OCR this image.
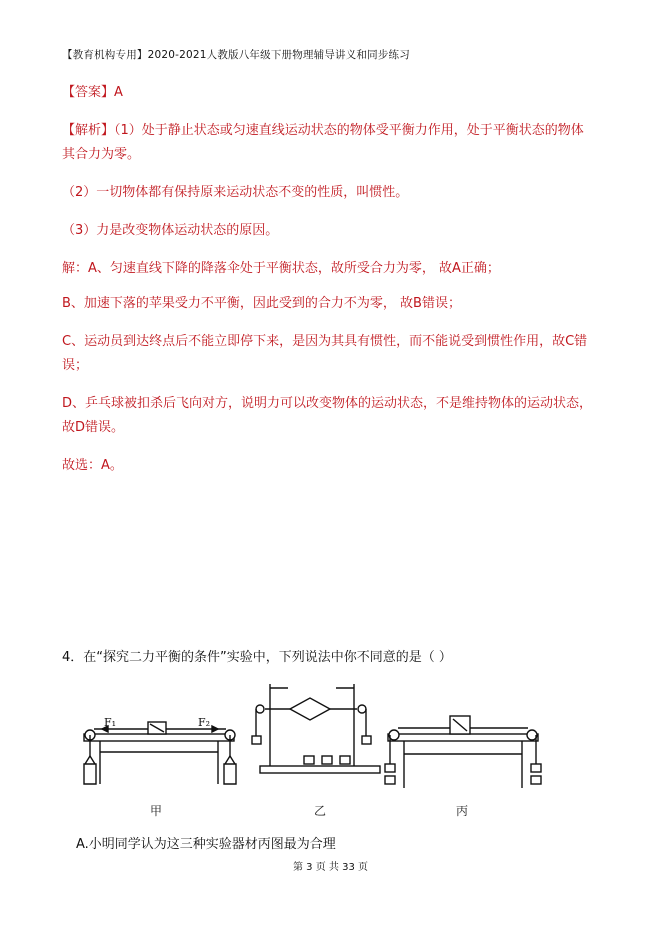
【教育机构专用】2020-2021人教版八年级下册物理辅导讲义和同步练习
【答案】A
【解析】（1）处于静止状态或匀速直线运动状态的物体受平衡力作用，处于平衡状态的物体
其合力为零。
（2）一切物体都有保持原来运动状态不变的性质，叫惯性。
（3）力是改变物体运动状态的原因。
解：A、匀速直线下降的降落伞处于平衡状态，故所受合力为零， 故A正确；
B、加速下落的苹果受力不平衡，因此受到的合力不为零， 故B错误；
C、运动员到达终点后不能立即停下来，是因为其具有惯性，而不能说受到惯性作用，故C错
误；
D、乒乓球被扣杀后飞向对方，说明力可以改变物体的运动状态，不是维持物体的运动状态，
故D错误。
故选：A。
4．在“探究二力平衡的条件”实验中，下列说法中你不同意的是（ ）
F₁	F₂
甲	乙	丙
A.小明同学认为这三种实验器材丙图最为合理
第 3 页 共 33 页
